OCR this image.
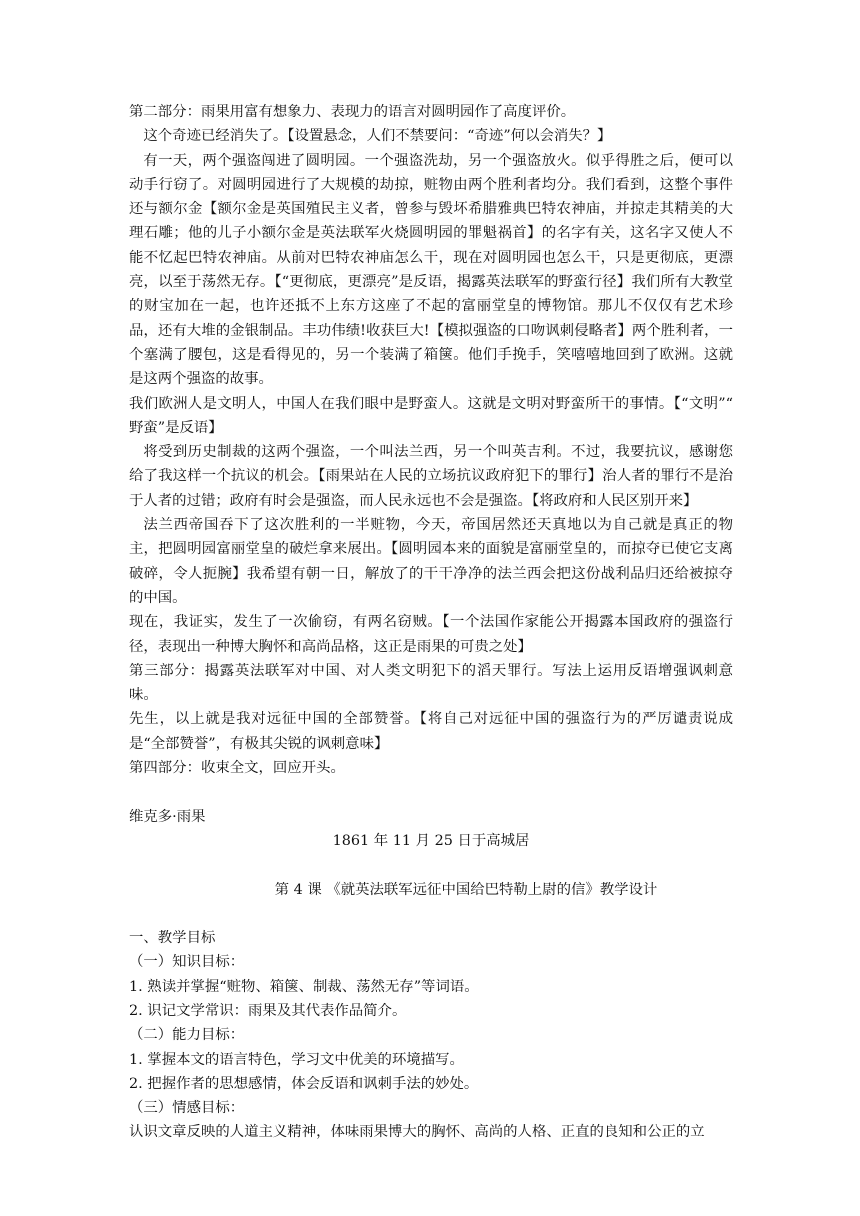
第二部分：雨果用富有想象力、表现力的语言对圆明园作了高度评价。

这个奇迹已经消失了。【设置悬念，人们不禁要问：“奇迹”何以会消失？】

有一天，两个强盗闯进了圆明园。一个强盗洗劫，另一个强盗放火。似乎得胜之后，便可以动手行窃了。对圆明园进行了大规模的劫掠，赃物由两个胜利者均分。我们看到，这整个事件还与额尔金【额尔金是英国殖民主义者，曾参与毁坏希腊雅典巴特农神庙，并掠走其精美的大理石雕；他的儿子小额尔金是英法联军火烧圆明园的罪魁祸首】的名字有关，这名字又使人不能不忆起巴特农神庙。从前对巴特农神庙怎么干，现在对圆明园也怎么干，只是更彻底，更漂亮，以至于荡然无存。【“更彻底，更漂亮”是反语，揭露英法联军的野蛮行径】我们所有大教堂的财宝加在一起，也许还抵不上东方这座了不起的富丽堂皇的博物馆。那儿不仅仅有艺术珍品，还有大堆的金银制品。丰功伟绩!收获巨大!【模拟强盗的口吻讽刺侵略者】两个胜利者，一个塞满了腰包，这是看得见的，另一个装满了箱箧。他们手挽手，笑嘻嘻地回到了欧洲。这就是这两个强盗的故事。

我们欧洲人是文明人，中国人在我们眼中是野蛮人。这就是文明对野蛮所干的事情。【“文明”“ 野蛮”是反语】

将受到历史制裁的这两个强盗，一个叫法兰西，另一个叫英吉利。不过，我要抗议，感谢您给了我这样一个抗议的机会。【雨果站在人民的立场抗议政府犯下的罪行】治人者的罪行不是治于人者的过错；政府有时会是强盗，而人民永远也不会是强盗。【将政府和人民区别开来】

法兰西帝国吞下了这次胜利的一半赃物，今天，帝国居然还天真地以为自己就是真正的物主，把圆明园富丽堂皇的破烂拿来展出。【圆明园本来的面貌是富丽堂皇的，而掠夺已使它支离破碎，令人扼腕】我希望有朝一日，解放了的干干净净的法兰西会把这份战利品归还给被掠夺的中国。

现在，我证实，发生了一次偷窃，有两名窃贼。【一个法国作家能公开揭露本国政府的强盗行径，表现出一种博大胸怀和高尚品格，这正是雨果的可贵之处】

第三部分：揭露英法联军对中国、对人类文明犯下的滔天罪行。写法上运用反语增强讽刺意味。

先生，以上就是我对远征中国的全部赞誉。【将自己对远征中国的强盗行为的严厉谴责说成是“全部赞誉”，有极其尖锐的讽刺意味】

第四部分：收束全文，回应开头。

维克多·雨果

1861 年 11 月 25 日于高城居

第 4 课 《就英法联军远征中国给巴特勒上尉的信》教学设计

一、教学目标

（一）知识目标：

1. 熟读并掌握“赃物、箱箧、制裁、荡然无存”等词语。

2. 识记文学常识：雨果及其代表作品简介。

（二）能力目标：

1. 掌握本文的语言特色，学习文中优美的环境描写。

2. 把握作者的思想感情，体会反语和讽刺手法的妙处。

（三）情感目标：

认识文章反映的人道主义精神，体味雨果博大的胸怀、高尚的人格、正直的良知和公正的立
